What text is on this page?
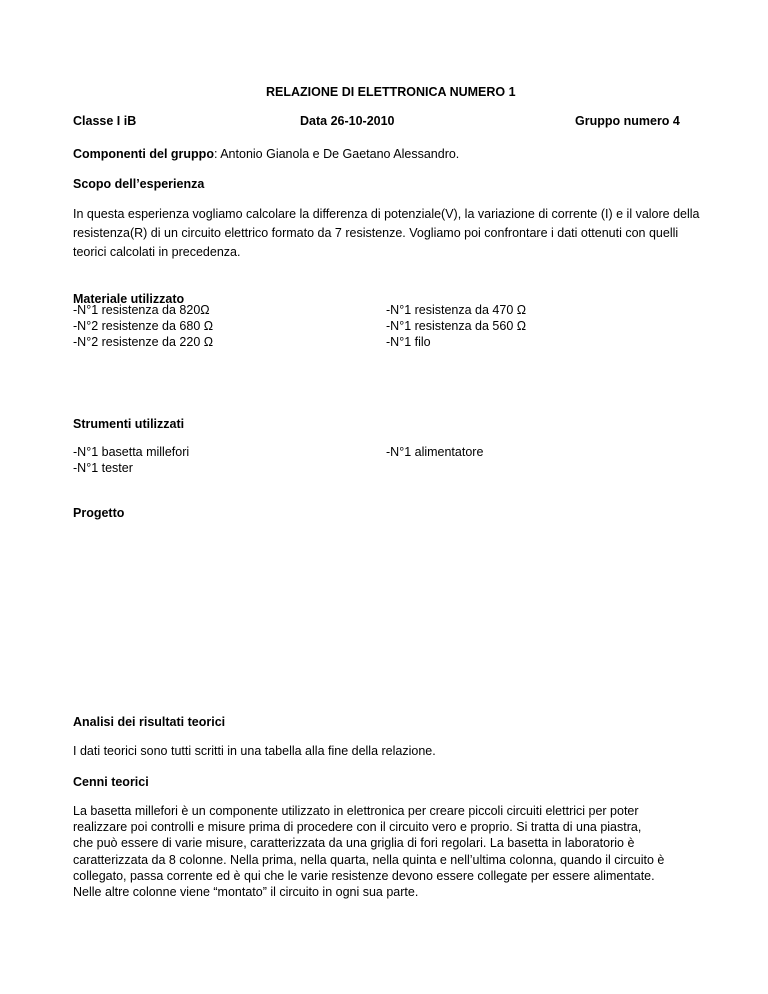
RELAZIONE DI ELETTRONICA NUMERO 1
Classe I iB	Data 26-10-2010	Gruppo numero 4
Componenti del gruppo: Antonio Gianola e De Gaetano Alessandro.
Scopo dell’esperienza
In questa esperienza vogliamo calcolare la differenza di potenziale(V), la variazione di corrente (I) e il valore della resistenza(R) di un circuito elettrico formato da 7 resistenze. Vogliamo poi confrontare i dati ottenuti con quelli teorici calcolati in precedenza.
Materiale utilizzato
-N°1 resistenza da 820Ω
-N°2 resistenze da 680 Ω
-N°2 resistenze da 220 Ω
-N°1 resistenza da 470 Ω
-N°1 resistenza da 560 Ω
-N°1 filo
Strumenti utilizzati
-N°1 basetta millefori
-N°1 tester
-N°1 alimentatore
Progetto
Analisi dei risultati teorici
I dati teorici sono tutti scritti in una tabella alla fine della relazione.
Cenni teorici
La basetta millefori è un componente utilizzato in elettronica per creare piccoli circuiti elettrici per poter
realizzare poi controlli e misure prima di procedere con il circuito vero e proprio. Si tratta di una piastra,
che può essere di varie misure, caratterizzata da una griglia di fori regolari. La basetta in laboratorio è
caratterizzata da 8 colonne. Nella prima, nella quarta, nella quinta e nell’ultima colonna, quando il circuito è
collegato, passa corrente ed è qui che le varie resistenze devono essere collegate per essere alimentate.
Nelle altre colonne viene “montato” il circuito in ogni sua parte.
